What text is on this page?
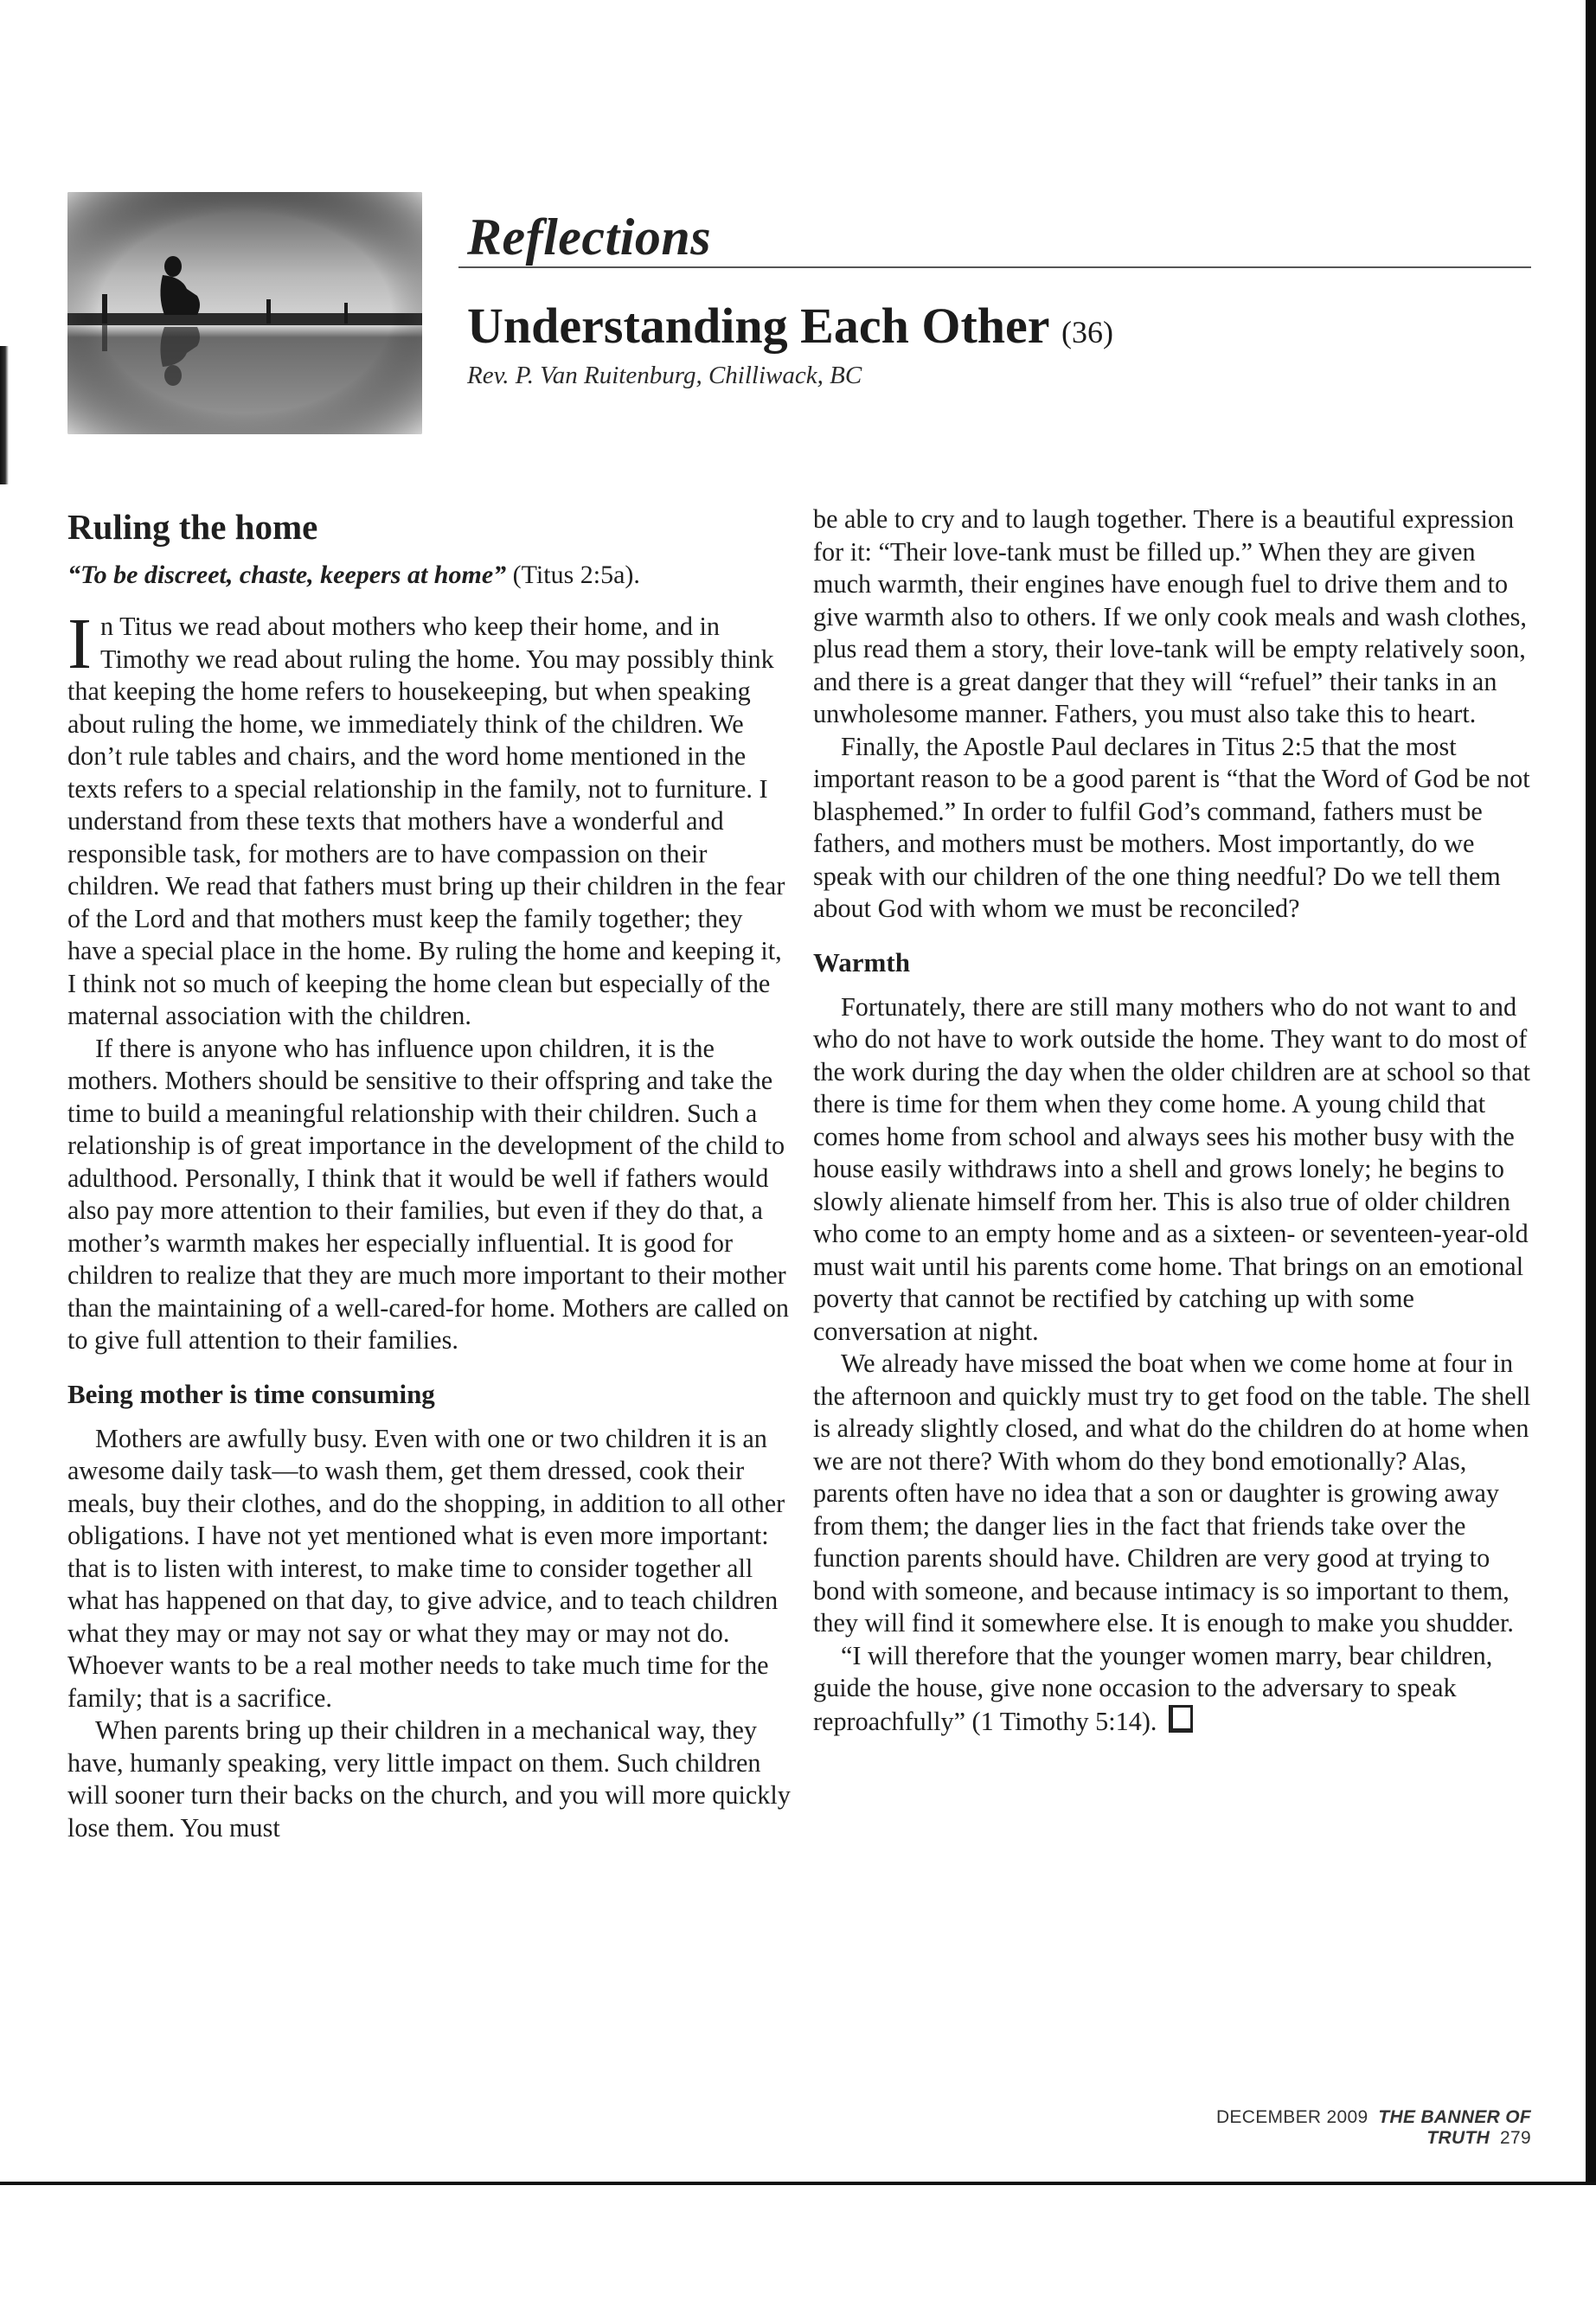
Reflections
Understanding Each Other (36)
Rev. P. Van Ruitenburg, Chilliwack, BC
Ruling the home
“To be discreet, chaste, keepers at home” (Titus 2:5a).

In Titus we read about mothers who keep their home, and in Timothy we read about ruling the home. You may possibly think that keeping the home refers to housekeeping, but when speaking about ruling the home, we immediately think of the children. We don’t rule tables and chairs, and the word home mentioned in the texts refers to a special relationship in the family, not to furniture. I understand from these texts that mothers have a wonderful and responsible task, for mothers are to have compassion on their children. We read that fathers must bring up their children in the fear of the Lord and that mothers must keep the family together; they have a special place in the home. By ruling the home and keeping it, I think not so much of keeping the home clean but especially of the maternal association with the children.

If there is anyone who has influence upon children, it is the mothers. Mothers should be sensitive to their offspring and take the time to build a meaningful relationship with their children. Such a relationship is of great importance in the development of the child to adulthood. Personally, I think that it would be well if fathers would also pay more attention to their families, but even if they do that, a mother’s warmth makes her especially influential. It is good for children to realize that they are much more important to their mother than the maintaining of a well-cared-for home. Mothers are called on to give full attention to their families.

Being mother is time consuming

Mothers are awfully busy. Even with one or two children it is an awesome daily task—to wash them, get them dressed, cook their meals, buy their clothes, and do the shopping, in addition to all other obligations. I have not yet mentioned what is even more important: that is to listen with interest, to make time to consider together all what has happened on that day, to give advice, and to teach children what they may or may not say or what they may or may not do. Whoever wants to be a real mother needs to take much time for the family; that is a sacrifice.

When parents bring up their children in a mechanical way, they have, humanly speaking, very little impact on them. Such children will sooner turn their backs on the church, and you will more quickly lose them. You must

be able to cry and to laugh together. There is a beautiful expression for it: “Their love-tank must be filled up.” When they are given much warmth, their engines have enough fuel to drive them and to give warmth also to others. If we only cook meals and wash clothes, plus read them a story, their love-tank will be empty relatively soon, and there is a great danger that they will “refuel” their tanks in an unwholesome manner. Fathers, you must also take this to heart.

Finally, the Apostle Paul declares in Titus 2:5 that the most important reason to be a good parent is “that the Word of God be not blasphemed.” In order to fulfil God’s command, fathers must be fathers, and mothers must be mothers. Most importantly, do we speak with our children of the one thing needful? Do we tell them about God with whom we must be reconciled?

Warmth

Fortunately, there are still many mothers who do not want to and who do not have to work outside the home. They want to do most of the work during the day when the older children are at school so that there is time for them when they come home. A young child that comes home from school and always sees his mother busy with the house easily withdraws into a shell and grows lonely; he begins to slowly alienate himself from her. This is also true of older children who come to an empty home and as a sixteen- or seventeen-year-old must wait until his parents come home. That brings on an emotional poverty that cannot be rectified by catching up with some conversation at night.

We already have missed the boat when we come home at four in the afternoon and quickly must try to get food on the table. The shell is already slightly closed, and what do the children do at home when we are not there? With whom do they bond emotionally? Alas, parents often have no idea that a son or daughter is growing away from them; the danger lies in the fact that friends take over the function parents should have. Children are very good at trying to bond with someone, and because intimacy is so important to them, they will find it somewhere else. It is enough to make you shudder.

“I will therefore that the younger women marry, bear children, guide the house, give none occasion to the adversary to speak reproachfully” (1 Timothy 5:14).

DECEMBER 2009 THE BANNER OF TRUTH 279
